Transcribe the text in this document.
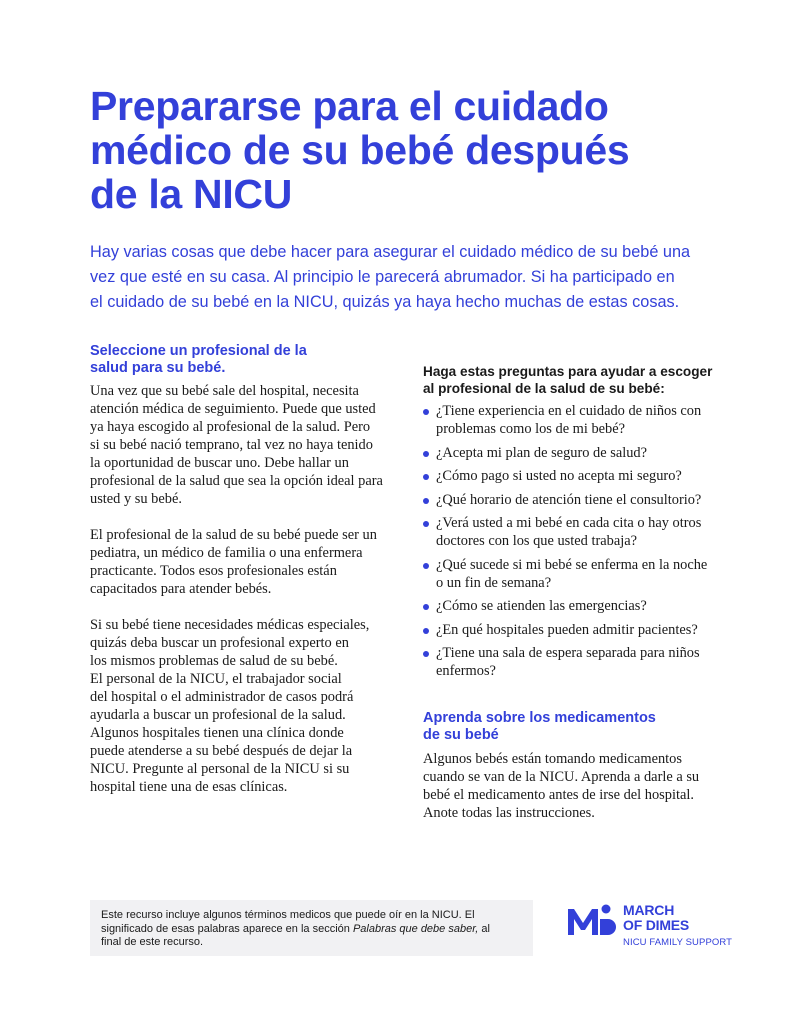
Prepararse para el cuidado
médico de su bebé después
de la NICU

Hay varias cosas que debe hacer para asegurar el cuidado médico de su bebé una
vez que esté en su casa. Al principio le parecerá abrumador. Si ha participado en
el cuidado de su bebé en la NICU, quizás ya haya hecho muchas de estas cosas.

Seleccione un profesional de la
salud para su bebé.

Una vez que su bebé sale del hospital, necesita
atención médica de seguimiento. Puede que usted
ya haya escogido al profesional de la salud. Pero
si su bebé nació temprano, tal vez no haya tenido
la oportunidad de buscar uno. Debe hallar un
profesional de la salud que sea la opción ideal para
usted y su bebé.

El profesional de la salud de su bebé puede ser un
pediatra, un médico de familia o una enfermera
practicante. Todos esos profesionales están
capacitados para atender bebés.

Si su bebé tiene necesidades médicas especiales,
quizás deba buscar un profesional experto en
los mismos problemas de salud de su bebé.
El personal de la NICU, el trabajador social
del hospital o el administrador de casos podrá
ayudarla a buscar un profesional de la salud.
Algunos hospitales tienen una clínica donde
puede atenderse a su bebé después de dejar la
NICU. Pregunte al personal de la NICU si su
hospital tiene una de esas clínicas.

Haga estas preguntas para ayudar a escoger
al profesional de la salud de su bebé:
¿Tiene experiencia en el cuidado de niños con
problemas como los de mi bebé?
¿Acepta mi plan de seguro de salud?
¿Cómo pago si usted no acepta mi seguro?
¿Qué horario de atención tiene el consultorio?
¿Verá usted a mi bebé en cada cita o hay otros
doctores con los que usted trabaja?
¿Qué sucede si mi bebé se enferma en la noche
o un fin de semana?
¿Cómo se atienden las emergencias?
¿En qué hospitales pueden admitir pacientes?
¿Tiene una sala de espera separada para niños
enfermos?
Aprenda sobre los medicamentos
de su bebé

Algunos bebés están tomando medicamentos
cuando se van de la NICU. Aprenda a darle a su
bebé el medicamento antes de irse del hospital.
Anote todas las instrucciones.

Este recurso incluye algunos términos medicos que puede oír en la NICU. El
significado de esas palabras aparece en la sección Palabras que debe saber, al
final de este recurso.
MARCH
OF DIMES
NICU FAMILY SUPPORT
